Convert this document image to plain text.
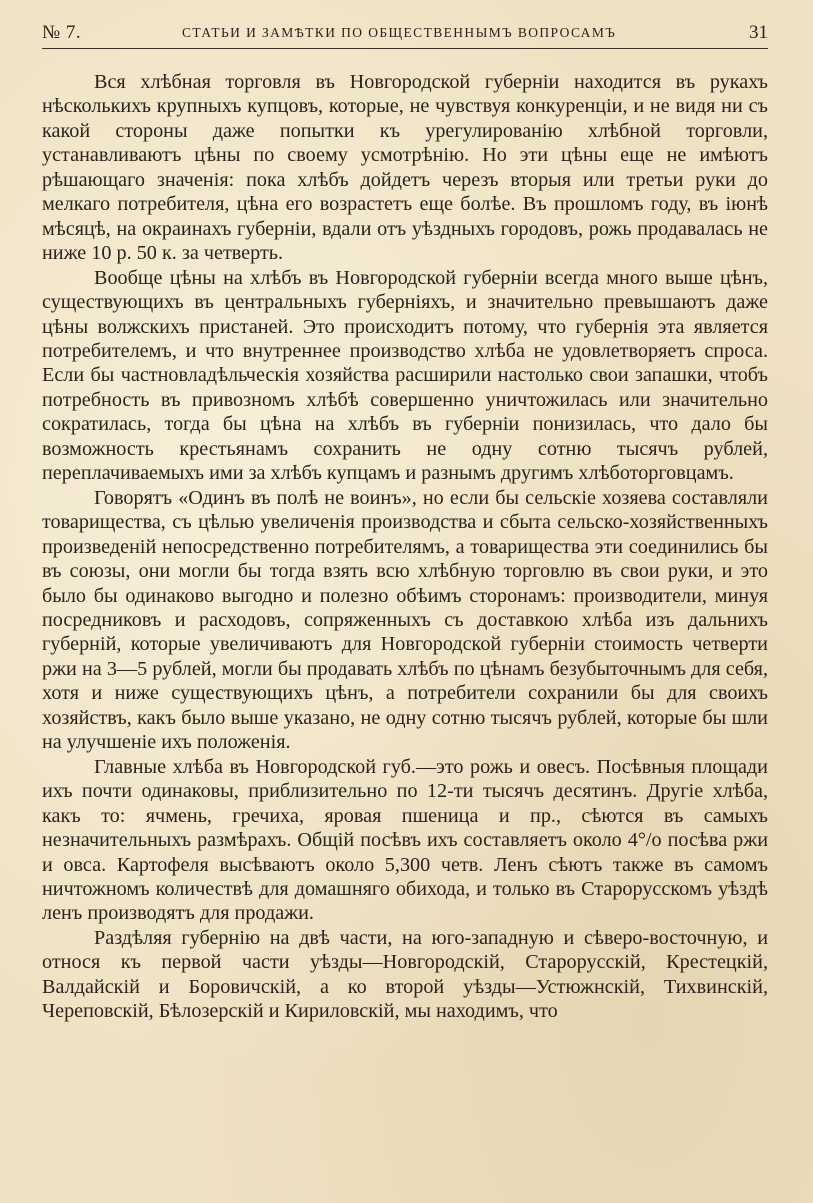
№ 7.	СТАТЬИ И ЗАМѢТКИ ПО ОБЩЕСТВЕННЫМЪ ВОПРОСАМЪ	31

Вся хлѣбная торговля въ Новгородской губерніи находится въ рукахъ нѣсколькихъ крупныхъ купцовъ, которые, не чувствуя конкуренціи, и не видя ни съ какой стороны даже попытки къ урегулированію хлѣбной торговли, устанавливаютъ цѣны по своему усмотрѣнію. Но эти цѣны еще не имѣютъ рѣшающаго значенія: пока хлѣбъ дойдетъ черезъ вторыя или третьи руки до мелкаго потребителя, цѣна его возрастетъ еще болѣе. Въ прошломъ году, въ іюнѣ мѣсяцѣ, на окраинахъ губерніи, вдали отъ уѣздныхъ городовъ, рожь продавалась не ниже 10 р. 50 к. за четверть.

Вообще цѣны на хлѣбъ въ Новгородской губерніи всегда много выше цѣнъ, существующихъ въ центральныхъ губерніяхъ, и значительно превышаютъ даже цѣны волжскихъ пристаней. Это происходитъ потому, что губернія эта является потребителемъ, и что внутреннее производство хлѣба не удовлетворяетъ спроса. Если бы частновладѣльческія хозяйства расширили настолько свои запашки, чтобъ потребность въ привозномъ хлѣбѣ совершенно уничтожилась или значительно сократилась, тогда бы цѣна на хлѣбъ въ губерніи понизилась, что дало бы возможность крестьянамъ сохранить не одну сотню тысячъ рублей, переплачиваемыхъ ими за хлѣбъ купцамъ и разнымъ другимъ хлѣботорговцамъ.

Говорятъ «Одинъ въ полѣ не воинъ», но если бы сельскіе хозяева составляли товарищества, съ цѣлью увеличенія производства и сбыта сельско-хозяйственныхъ произведеній непосредственно потребителямъ, а товарищества эти соединились бы въ союзы, они могли бы тогда взять всю хлѣбную торговлю въ свои руки, и это было бы одинаково выгодно и полезно обѣимъ сторонамъ: производители, минуя посредниковъ и расходовъ, сопряженныхъ съ доставкою хлѣба изъ дальнихъ губерній, которые увеличиваютъ для Новгородской губерніи стоимость четверти ржи на 3—5 рублей, могли бы продавать хлѣбъ по цѣнамъ безубыточнымъ для себя, хотя и ниже существующихъ цѣнъ, а потребители сохранили бы для своихъ хозяйствъ, какъ было выше указано, не одну сотню тысячъ рублей, которые бы шли на улучшеніе ихъ положенія.

Главные хлѣба въ Новгородской губ.—это рожь и овесъ. Посѣвныя площади ихъ почти одинаковы, приблизительно по 12-ти тысячъ десятинъ. Другіе хлѣба, какъ то: ячмень, гречиха, яровая пшеница и пр., сѣются въ самыхъ незначительныхъ размѣрахъ. Общій посѣвъ ихъ составляетъ около 4°/o посѣва ржи и овса. Картофеля высѣваютъ около 5,300 четв. Ленъ сѣютъ также въ самомъ ничтожномъ количествѣ для домашняго обихода, и только въ Старорусскомъ уѣздѣ ленъ производятъ для продажи.

Раздѣляя губернію на двѣ части, на юго-западную и сѣверо-восточную, и относя къ первой части уѣзды—Новгородскій, Старорусскій, Крестецкій, Валдайскій и Боровичскій, а ко второй уѣзды—Устюжнскій, Тихвинскій, Череповскій, Бѣлозерскій и Кириловскій, мы находимъ, что
